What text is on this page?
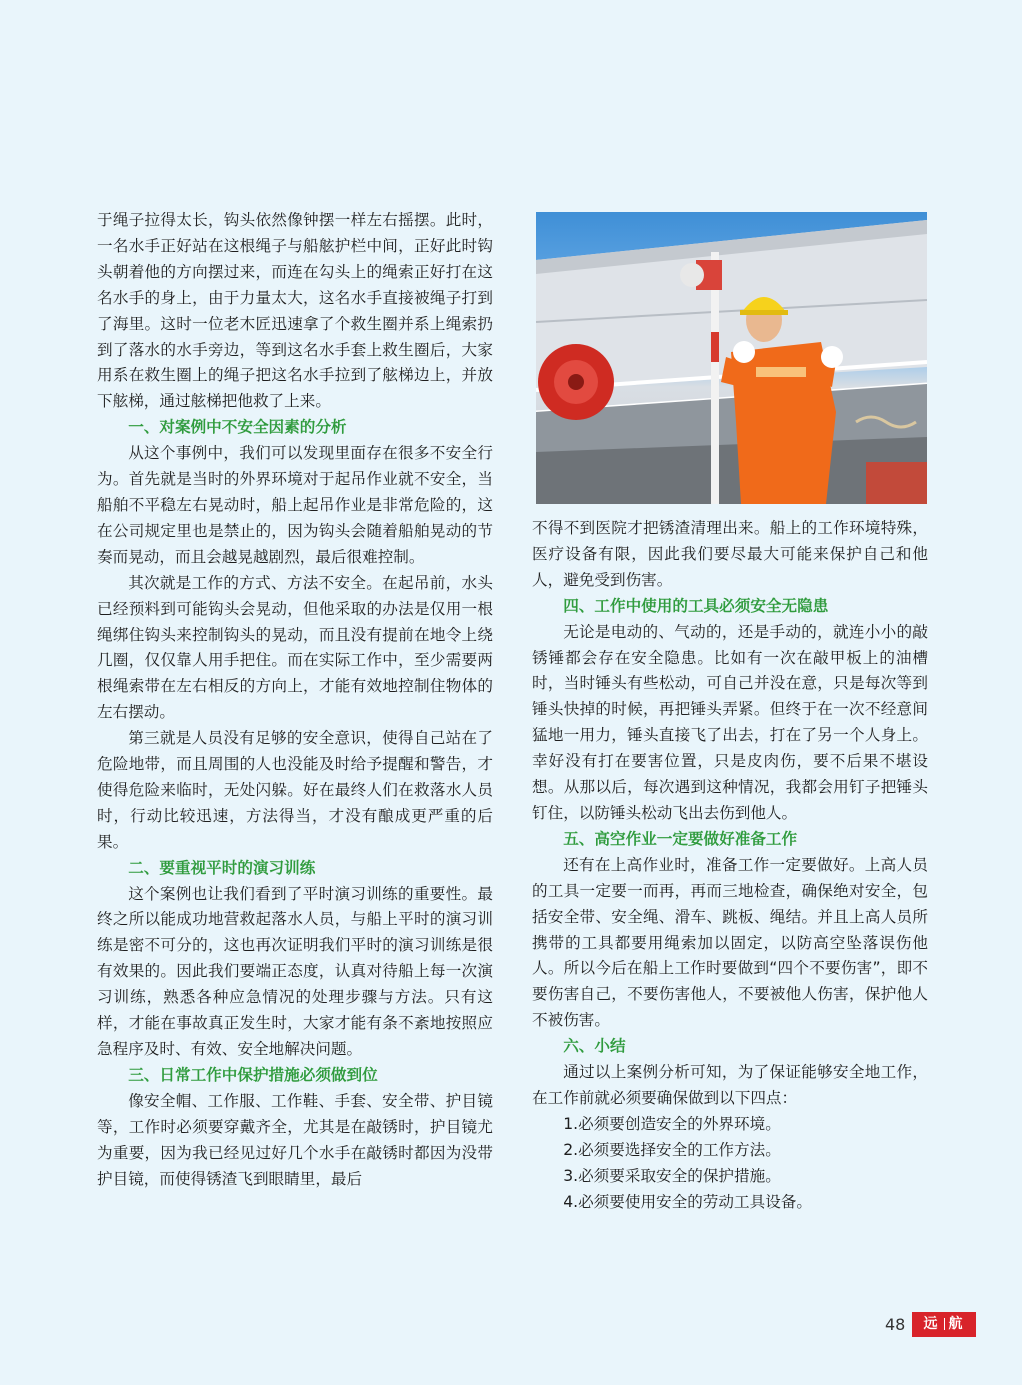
于绳子拉得太长，钩头依然像钟摆一样左右摇摆。此时，一名水手正好站在这根绳子与船舷护栏中间，正好此时钩头朝着他的方向摆过来，而连在勾头上的绳索正好打在这名水手的身上，由于力量太大，这名水手直接被绳子打到了海里。这时一位老木匠迅速拿了个救生圈并系上绳索扔到了落水的水手旁边，等到这名水手套上救生圈后，大家用系在救生圈上的绳子把这名水手拉到了舷梯边上，并放下舷梯，通过舷梯把他救了上来。

一、对案例中不安全因素的分析

从这个事例中，我们可以发现里面存在很多不安全行为。首先就是当时的外界环境对于起吊作业就不安全，当船舶不平稳左右晃动时，船上起吊作业是非常危险的，这在公司规定里也是禁止的，因为钩头会随着船舶晃动的节奏而晃动，而且会越晃越剧烈，最后很难控制。

其次就是工作的方式、方法不安全。在起吊前，水头已经预料到可能钩头会晃动，但他采取的办法是仅用一根绳绑住钩头来控制钩头的晃动，而且没有提前在地令上绕几圈，仅仅靠人用手把住。而在实际工作中，至少需要两根绳索带在左右相反的方向上，才能有效地控制住物体的左右摆动。

第三就是人员没有足够的安全意识，使得自己站在了危险地带，而且周围的人也没能及时给予提醒和警告，才使得危险来临时，无处闪躲。好在最终人们在救落水人员时，行动比较迅速，方法得当，才没有酿成更严重的后果。

二、要重视平时的演习训练

这个案例也让我们看到了平时演习训练的重要性。最终之所以能成功地营救起落水人员，与船上平时的演习训练是密不可分的，这也再次证明我们平时的演习训练是很有效果的。因此我们要端正态度，认真对待船上每一次演习训练，熟悉各种应急情况的处理步骤与方法。只有这样，才能在事故真正发生时，大家才能有条不紊地按照应急程序及时、有效、安全地解决问题。

三、日常工作中保护措施必须做到位

像安全帽、工作服、工作鞋、手套、安全带、护目镜等，工作时必须要穿戴齐全，尤其是在敲锈时，护目镜尤为重要，因为我已经见过好几个水手在敲锈时都因为没带护目镜，而使得锈渣飞到眼睛里，最后

不得不到医院才把锈渣清理出来。船上的工作环境特殊，医疗设备有限，因此我们要尽最大可能来保护自己和他人，避免受到伤害。

四、工作中使用的工具必须安全无隐患

无论是电动的、气动的，还是手动的，就连小小的敲锈锤都会存在安全隐患。比如有一次在敲甲板上的油槽时，当时锤头有些松动，可自己并没在意，只是每次等到锤头快掉的时候，再把锤头弄紧。但终于在一次不经意间猛地一用力，锤头直接飞了出去，打在了另一个人身上。幸好没有打在要害位置，只是皮肉伤，要不后果不堪设想。从那以后，每次遇到这种情况，我都会用钉子把锤头钉住，以防锤头松动飞出去伤到他人。

五、高空作业一定要做好准备工作

还有在上高作业时，准备工作一定要做好。上高人员的工具一定要一而再，再而三地检查，确保绝对安全，包括安全带、安全绳、滑车、跳板、绳结。并且上高人员所携带的工具都要用绳索加以固定，以防高空坠落误伤他人。所以今后在船上工作时要做到“四个不要伤害”，即不要伤害自己，不要伤害他人，不要被他人伤害，保护他人不被伤害。

六、小结

通过以上案例分析可知，为了保证能够安全地工作，在工作前就必须要确保做到以下四点：

1.必须要创造安全的外界环境。

2.必须要选择安全的工作方法。

3.必须要采取安全的保护措施。

4.必须要使用安全的劳动工具设备。

48	远 航
